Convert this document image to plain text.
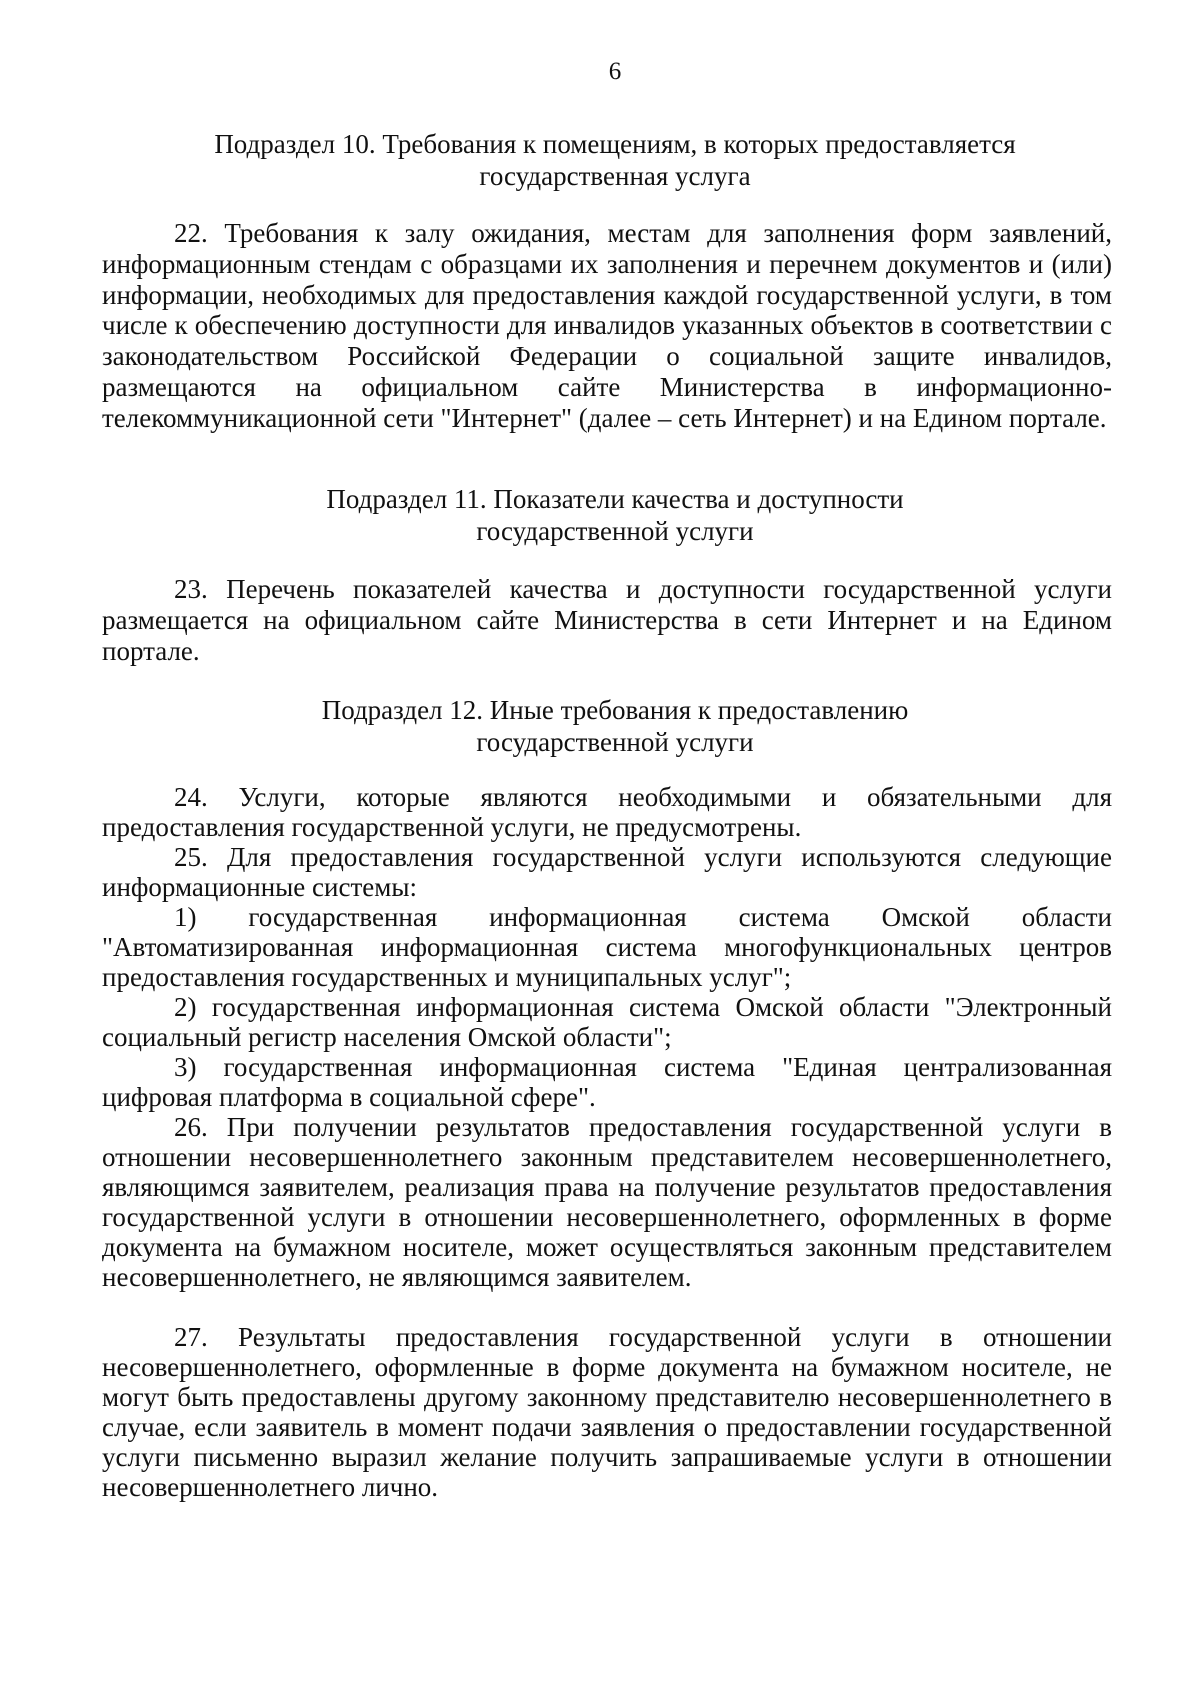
6
Подраздел 10. Требования к помещениям, в которых предоставляется
государственная услуга
22. Требования к залу ожидания, местам для заполнения форм заявлений, информационным стендам с образцами их заполнения и перечнем документов и (или) информации, необходимых для предоставления каждой государственной услуги, в том числе к обеспечению доступности для инвалидов указанных объектов в соответствии с законодательством Российской Федерации о социальной защите инвалидов, размещаются на официальном сайте Министерства в информационно-телекоммуникационной сети "Интернет" (далее – сеть Интернет) и на Едином портале.
Подраздел 11. Показатели качества и доступности
государственной услуги
23. Перечень показателей качества и доступности государственной услуги размещается на официальном сайте Министерства в сети Интернет и на Едином портале.
Подраздел 12. Иные требования к предоставлению
государственной услуги
24. Услуги, которые являются необходимыми и обязательными для предоставления государственной услуги, не предусмотрены.
25. Для предоставления государственной услуги используются следующие информационные системы:
1) государственная информационная система Омской области "Автоматизированная информационная система многофункциональных центров предоставления государственных и муниципальных услуг";
2) государственная информационная система Омской области "Электронный социальный регистр населения Омской области";
3) государственная информационная система "Единая централизованная цифровая платформа в социальной сфере".
26. При получении результатов предоставления государственной услуги в отношении несовершеннолетнего законным представителем несовершеннолетнего, являющимся заявителем, реализация права на получение результатов предоставления государственной услуги в отношении несовершеннолетнего, оформленных в форме документа на бумажном носителе, может осуществляться законным представителем несовершеннолетнего, не являющимся заявителем.
27. Результаты предоставления государственной услуги в отношении несовершеннолетнего, оформленные в форме документа на бумажном носителе, не могут быть предоставлены другому законному представителю несовершеннолетнего в случае, если заявитель в момент подачи заявления о предоставлении государственной услуги письменно выразил желание получить запрашиваемые услуги в отношении несовершеннолетнего лично.
